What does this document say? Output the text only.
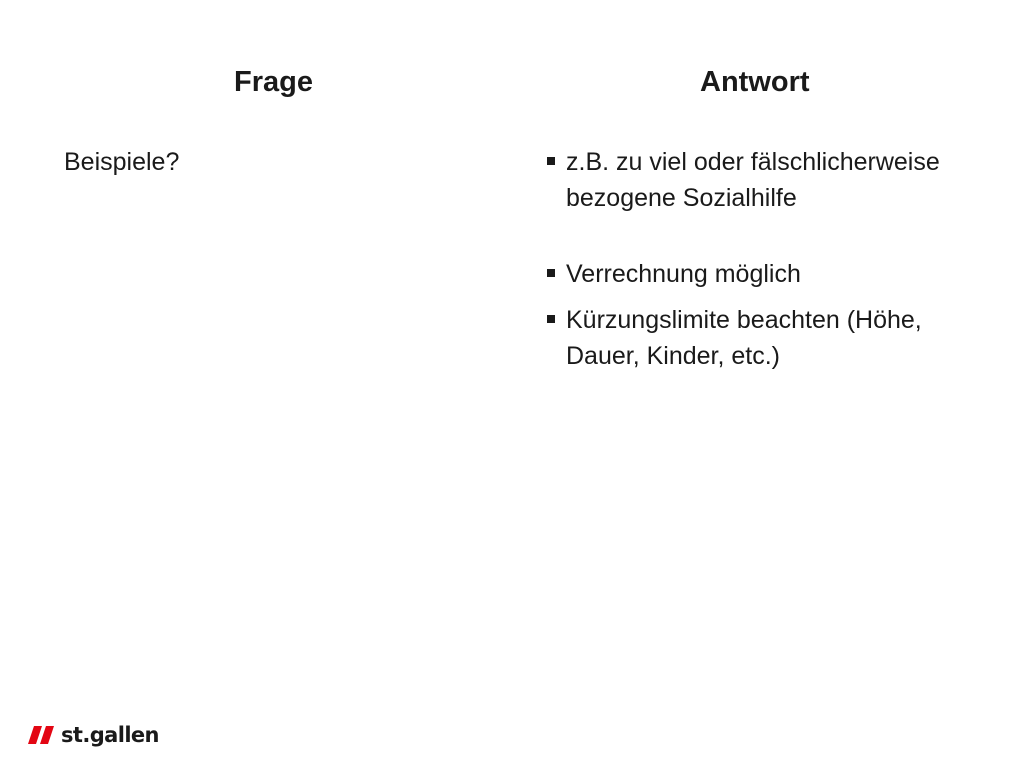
Frage	Antwort
Beispiele?	z.B. zu viel oder fälschlicherweise bezogene Sozialhilfe
Verrechnung möglich
Kürzungslimite beachten (Höhe, Dauer, Kinder, etc.)
st.gallen
